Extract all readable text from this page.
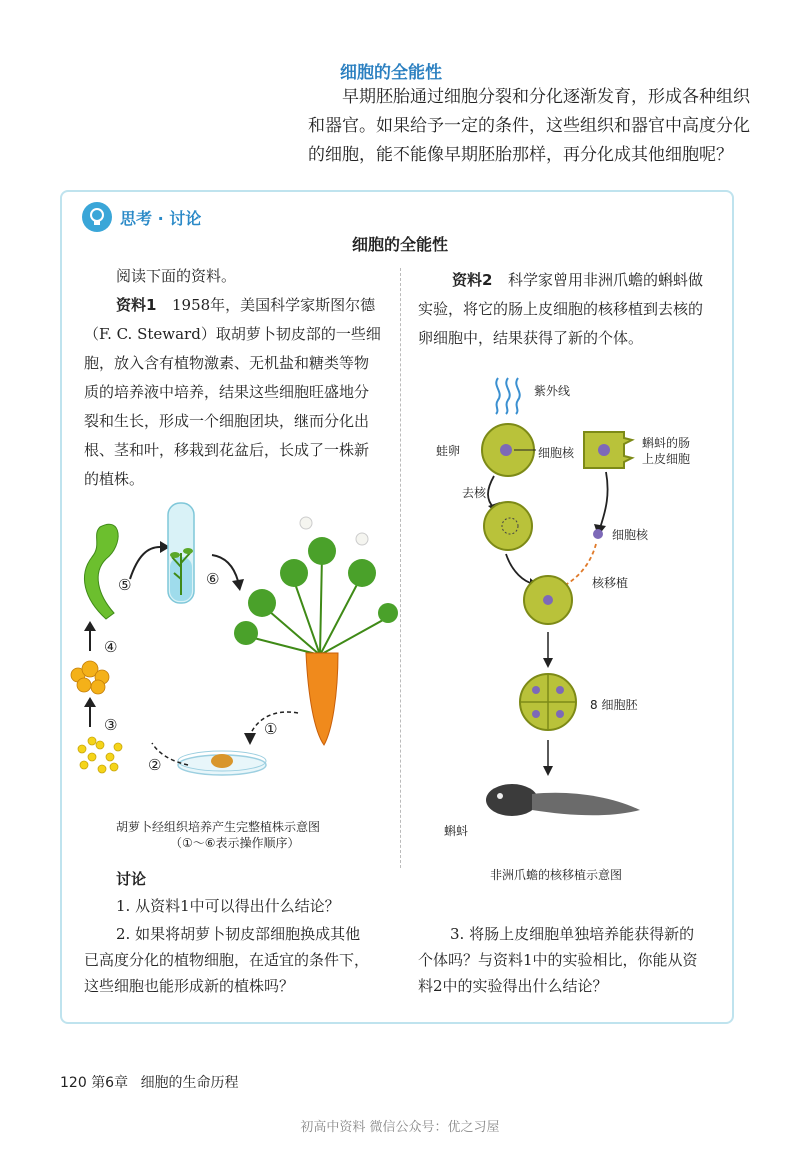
细胞的全能性
早期胚胎通过细胞分裂和分化逐渐发育，形成各种组织
和器官。如果给予一定的条件，这些组织和器官中高度分化
的细胞，能不能像早期胚胎那样，再分化成其他细胞呢？
思考 · 讨论
细胞的全能性
阅读下面的资料。
资料1 1958年，美国科学家斯图尔德
（F. C. Steward）取胡萝卜韧皮部的一些细
胞，放入含有植物激素、无机盐和糖类等物
质的培养液中培养，结果这些细胞旺盛地分
裂和生长，形成一个细胞团块，继而分化出
根、茎和叶，移栽到花盆后，长成了一株新
的植株。
资料2 科学家曾用非洲爪蟾的蝌蚪做
实验，将它的肠上皮细胞的核移植到去核的
卵细胞中，结果获得了新的个体。
⑤	⑥
④
③	①
②
胡萝卜经组织培养产生完整植株示意图
（①～⑥表示操作顺序）
紫外线
蛙卵	细胞核
蝌蚪的肠
上皮细胞
去核
细胞核
核移植
8 细胞胚
蝌蚪
非洲爪蟾的核移植示意图
讨论
1. 从资料1中可以得出什么结论？
2. 如果将胡萝卜韧皮部细胞换成其他
已高度分化的植物细胞，在适宜的条件下，
这些细胞也能形成新的植株吗？
3. 将肠上皮细胞单独培养能获得新的
个体吗？与资料1中的实验相比，你能从资
料2中的实验得出什么结论？
120 第6章 细胞的生命历程
初高中资料 微信公众号：优之习屋
